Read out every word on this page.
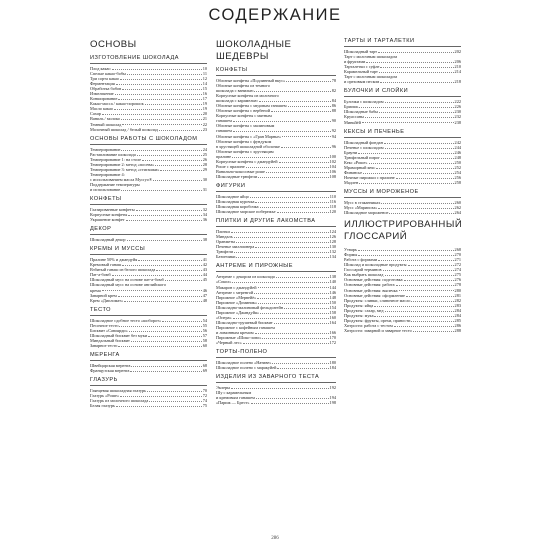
СОДЕРЖАНИЕ
ОСНОВЫ
ИЗГОТОВЛЕНИЕ ШОКОЛАДА
Плод какао	10
Спелые какао-бобы	11
Три сорта какао	12
Ферментация	14
Обработка бобов	15
Измельчение	16
Конширование	17
Какао-масса / какао-порошок	19
Масло какао	19
Сахар	20
Ваниль / молоко	21
Темный шоколад	22
Молочный шоколад / белый шоколад	23
ОСНОВЫ РАБОТЫ С ШОКОЛАДОМ
Темперирование	24
Растапливание шоколада	25
Темперирование 1: на столе	26
Темперирование 2: метод «посева»	28
Темперирование 3: метод «стигашки»	29
Темперирование 4:
с использованием масла Mycryo®	30
Поддержание температуры
и использование	31
КОНФЕТЫ
Глазированные конфеты	32
Корпусные конфеты	34
Украшение конфет	36
ДЕКОР
Шоколадный декор	38
КРЕМЫ И МУССЫ
Пралине 50% и джандуйя	41
Кремовый ганаш	42
Взбитый ганаш из белого шоколада	43
Пат-а-бомб	44
Шоколадный мусс на основе пат-а-бомб	45
Шоколадный мусс на основе английского
крема	46
Заварной крем	47
Крем «Дипломат»	48
ТЕСТО
Шоколадное сдобное тесто «шоборот»	54
Песочное тесто	55
Бисквит «Савоярди»	56
Шоколадный бисквит без муки	57
Миндальный бисквит	58
Заварное тесто	60
МЕРЕНГА
Швейцарская меренга	68
Французская меренга	69
ГЛАЗУРЬ
Глянцевая шоколадная глазурь	70
Глазурь «Роше»	72
Глазурь из молочного шоколада	74
Белая глазурь	75
ШОКОЛАДНЫЕ ШЕДЕВРЫ
КОНФЕТЫ
Облитые конфеты «Подлинный вкус»	78
Облитые конфеты из темного
шоколада с ванилью	82
Корпусные конфеты из молочного
шоколада с карамелью	84
Облитые конфеты с медовым ганашем	86
Облитые конфеты с вербеной	88
Корпусные конфеты с мятным
ганашем	90
Облитые конфеты с малиновым
ганашем	92
Облитые конфеты с «Гран Марнье»	94
Облитые конфеты с фундуком
в хрустящей шоколадной оболочке	96
Облитые конфеты с хрустящим
пралине	100
Корпусные конфеты с джандуйей	102
Роше с пралине	104
Ванильно-кокосовые роше	106
Шоколадные трюфели	108
ФИГУРКИ
Шоколадное яйцо	110
Шоколадная курочка	116
Шоколадная коробочка	118
Шоколадное морское побережье	120
ПЛИТКИ И ДРУГИЕ ЛАКОМСТВА
Плитки	124
Миндаль	126
Оранжеты	128
Печенье миллионера	130
Трюфели	132
Батончики	134
АНТРЕМЕ И ПИРОЖНЫЕ
Антреме с декором из шоколада	138
«Сокол»	140
Макарон с джандуйей	144
Антреме с меренгой	146
Пирожное «Мервейё»	148
Пирожное «Доминик»	150
Шоколадно-малиновый фельдштейн	154
Пирожное «Джандуйя»	158
«Опера»	160
Шоколадно-грушевый бисквит	164
Пирожное с кофейным ганашем
и лимонным кремом	166
Пирожные «Шоко-лово»	170
«Черный лес»	172
ТОРТЫ-ПОЛЕНО
Шоколадное полено «Нативе»	180
Шоколадное полено с маракуйей	184
ИЗДЕЛИЯ ИЗ ЗАВАРНОГО ТЕСТА
Эклеры	192
Шу с карамельным
и кремовым ганашем	194
«Париж — Брест»	198
ТАРТЫ И ТАРТАЛЕТКИ
Шоколадный тарт	202
Тарт с молочным шоколадом
и фруктами	206
Тарталетки с суфле	210
Карамельный тарт	214
Тарт с молочным шоколадом
и ореховым песком	218
БУЛОЧКИ И СЛОЙКИ
Булочки с шоколадом	222
Бриошь	226
Шоколадные бабы	230
Круассаны	232
Миньйёй	238
КЕКСЫ И ПЕЧЕНЬЕ
Шоколадный фондан	242
Печенье с шоколадом	244
Брауни	246
Трюфельный пирог	248
Кекс «Роше»	250
Мраморный кекс	252
Финансье	254
Ночные пирожки с пралине	256
Мадлен	258
МУССЫ И МОРОЖЕНОЕ
Мусс в стаканчиках	260
Мусс «Марипоза»	262
Шоколадное мороженое	264
ИЛЛЮСТРИРОВАННЫЙ
ГЛОССАРИЙ
Утварь	268
Формы	270
Работа с формами	271
Шоколад и шоколадные продукты	272
Глоссарий терминов	274
Как выбрать шоколад	275
Основные действия: подготовка	276
Основные действия: работа	278
Основные действия: выпечка	280
Основные действия: оформление	281
Продукты: сливки, сливочное масло	282
Продукты: яйца	283
Продукты: сахар, мед	284
Продукты: мука	284
Продукты: фрукты, орехи, пряности	285
Хитрости: работа с тестом	286
Хитрости: заварной и заварное тесто	288
286
